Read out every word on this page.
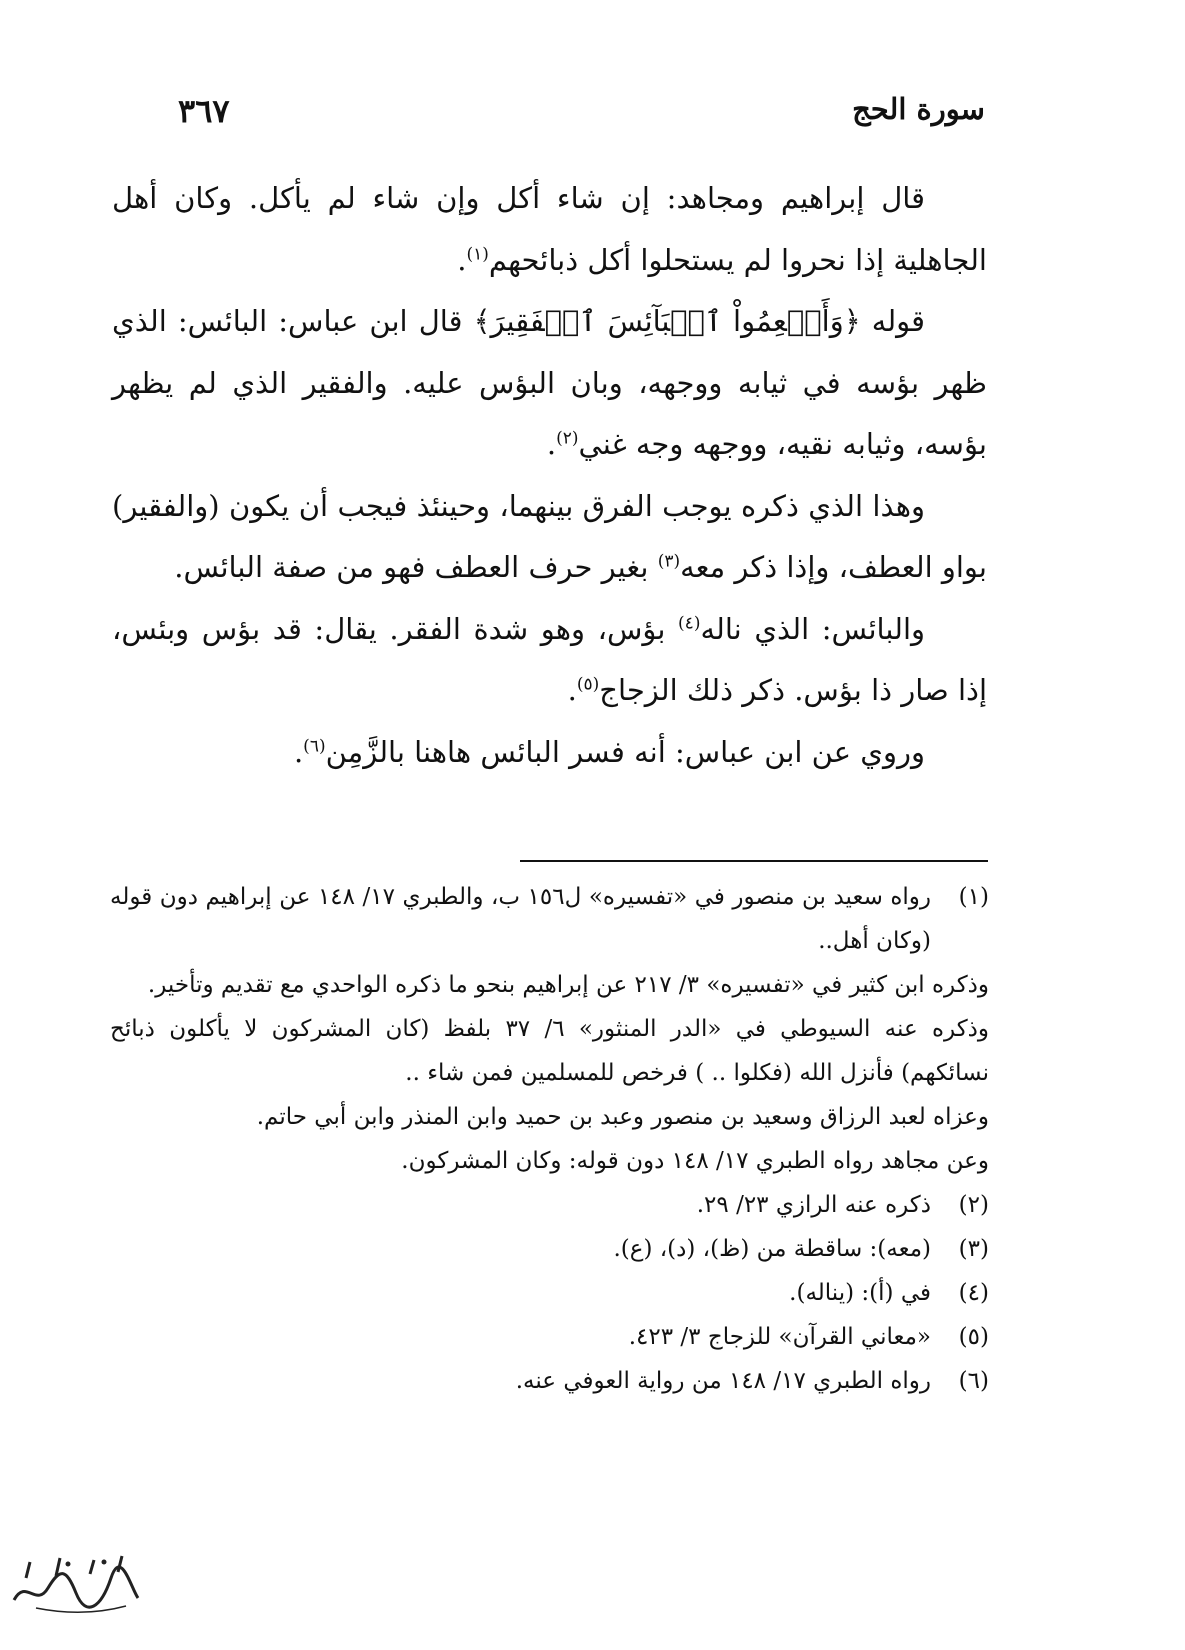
سورة الحج
٣٦٧

قال إبراهيم ومجاهد: إن شاء أكل وإن شاء لم يأكل. وكان أهل الجاهلية إذا نحروا لم يستحلوا أكل ذبائحهم$^{(١)}$.

قوله ﴿وَأَطۡعِمُواْ ٱلۡبَآئِسَ ٱلۡفَقِيرَ﴾ قال ابن عباس: البائس: الذي ظهر بؤسه في ثيابه ووجهه، وبان البؤس عليه. والفقير الذي لم يظهر بؤسه، وثيابه نقيه، ووجهه وجه غني$^{(٢)}$.

وهذا الذي ذكره يوجب الفرق بينهما، وحينئذ فيجب أن يكون (والفقير) بواو العطف، وإذا ذكر معه$^{(٣)}$ بغير حرف العطف فهو من صفة البائس.

والبائس: الذي ناله$^{(٤)}$ بؤس، وهو شدة الفقر. يقال: قد بؤس وبئس، إذا صار ذا بؤس. ذكر ذلك الزجاج$^{(٥)}$.

وروي عن ابن عباس: أنه فسر البائس هاهنا بالزَّمِن$^{(٦)}$.

(١)
رواه سعيد بن منصور في «تفسيره» ل١٥٦ ب، والطبري ١٧/ ١٤٨ عن إبراهيم دون قوله (وكان أهل..
وذكره ابن كثير في «تفسيره» ٣/ ٢١٧ عن إبراهيم بنحو ما ذكره الواحدي مع تقديم وتأخير.
وذكره عنه السيوطي في «الدر المنثور» ٦/ ٣٧ بلفظ (كان المشركون لا يأكلون ذبائح نسائكهم) فأنزل الله (فكلوا .. ) فرخص للمسلمين فمن شاء ..
وعزاه لعبد الرزاق وسعيد بن منصور وعبد بن حميد وابن المنذر وابن أبي حاتم.
وعن مجاهد رواه الطبري ١٧/ ١٤٨ دون قوله: وكان المشركون.
(٢)
ذكره عنه الرازي ٢٣/ ٢٩.
(٣)
(معه): ساقطة من (ظ)، (د)، (ع).
(٤)
في (أ): (يناله).
(٥)
«معاني القرآن» للزجاج ٣/ ٤٢٣.
(٦)
رواه الطبري ١٧/ ١٤٨ من رواية العوفي عنه.
